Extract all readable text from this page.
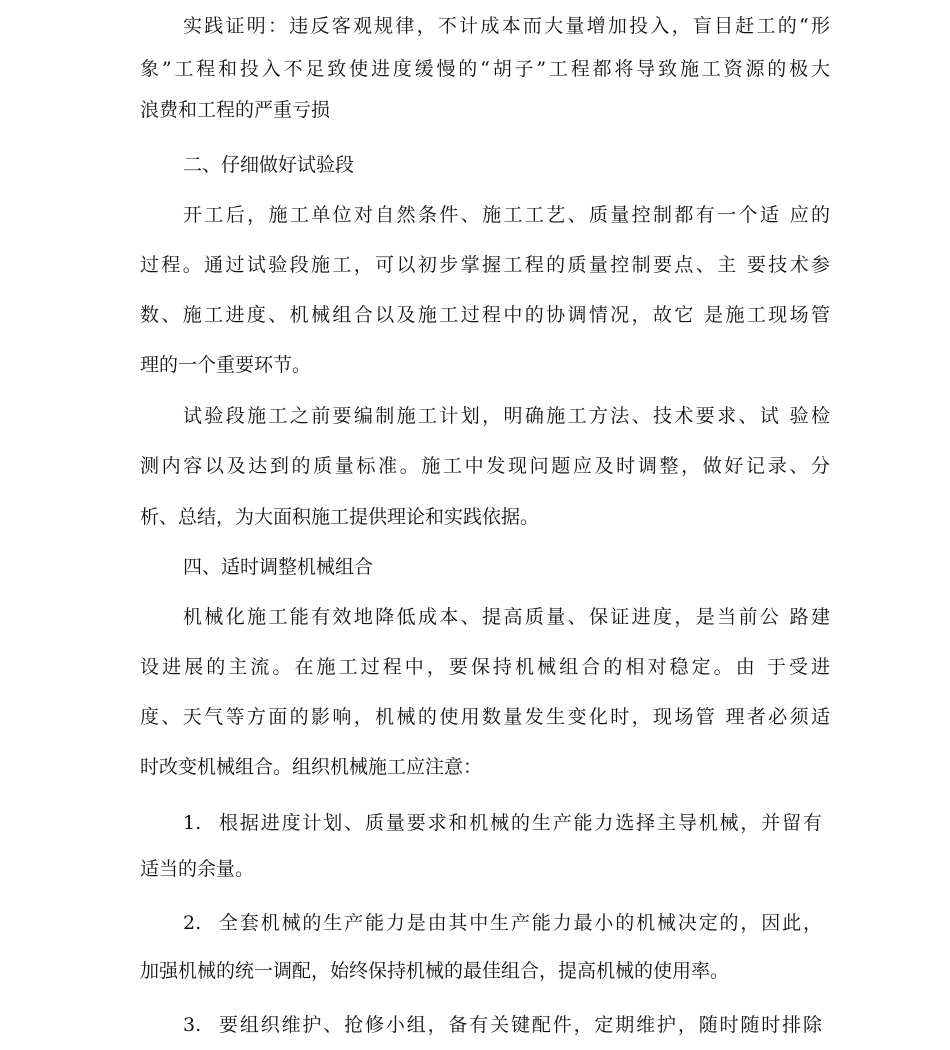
实践证明：违反客观规律，不计成本而大量增加投入，盲目赶工的“形
象”工程和投入不足致使进度缓慢的“胡子”工程都将导致施工资源的极大
浪费和工程的严重亏损
二、仔细做好试验段
开工后，施工单位对自然条件、施工工艺、质量控制都有一个适 应的
过程。通过试验段施工，可以初步掌握工程的质量控制要点、主 要技术参
数、施工进度、机械组合以及施工过程中的协调情况，故它 是施工现场管
理的一个重要环节。
试验段施工之前要编制施工计划，明确施工方法、技术要求、试 验检
测内容以及达到的质量标准。施工中发现问题应及时调整，做好记录、分
析、总结，为大面积施工提供理论和实践依据。
四、适时调整机械组合
机械化施工能有效地降低成本、提高质量、保证进度，是当前公 路建
设进展的主流。在施工过程中，要保持机械组合的相对稳定。由 于受进
度、天气等方面的影响，机械的使用数量发生变化时，现场管 理者必须适
时改变机械组合。组织机械施工应注意：
1. 根据进度计划、质量要求和机械的生产能力选择主导机械，并留有
适当的余量。
2. 全套机械的生产能力是由其中生产能力最小的机械决定的，因此，
加强机械的统一调配，始终保持机械的最佳组合，提高机械的使用率。
3. 要组织维护、抢修小组，备有关键配件，定期维护，随时随时排除
